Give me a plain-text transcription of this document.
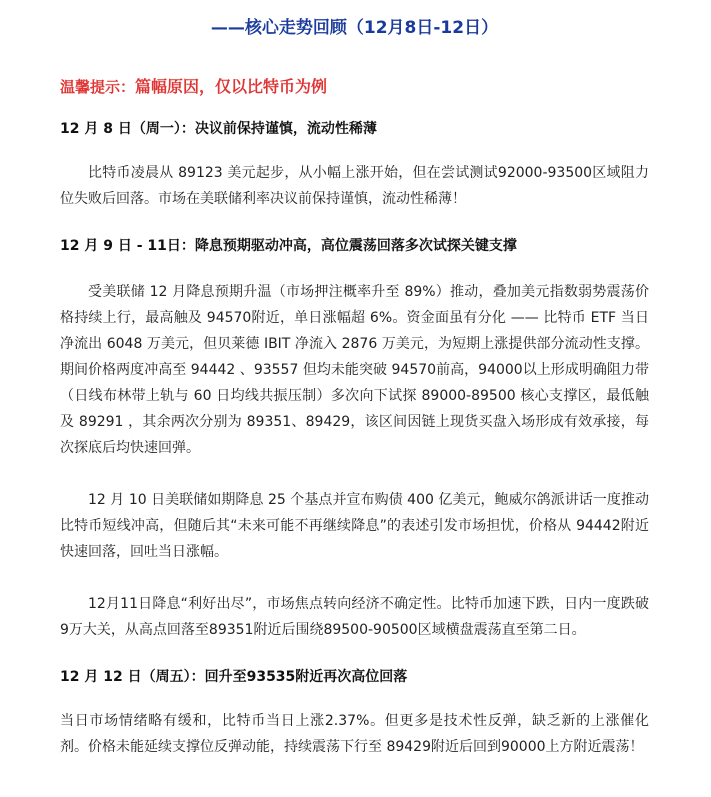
——核心走势回顾（12月8日-12日）
温馨提示：篇幅原因，仅以比特币为例
12 月 8 日（周一）：决议前保持谨慎，流动性稀薄

比特币凌晨从 89123 美元起步，从小幅上涨开始，但在尝试测试92000-93500区域阻力位失败后回落。市场在美联储利率决议前保持谨慎，流动性稀薄！

12 月 9 日 - 11日：降息预期驱动冲高，高位震荡回落多次试探关键支撑

受美联储 12 月降息预期升温（市场押注概率升至 89%）推动，叠加美元指数弱势震荡价格持续上行，最高触及 94570附近，单日涨幅超 6%。资金面虽有分化 —— 比特币 ETF 当日净流出 6048 万美元，但贝莱德 IBIT 净流入 2876 万美元，为短期上涨提供部分流动性支撑。期间价格两度冲高至 94442 、93557 但均未能突破 94570前高，94000以上形成明确阻力带（日线布林带上轨与 60 日均线共振压制）多次向下试探 89000-89500 核心支撑区，最低触及 89291 ，其余两次分别为 89351、89429，该区间因链上现货买盘入场形成有效承接，每次探底后均快速回弹。

12 月 10 日美联储如期降息 25 个基点并宣布购债 400 亿美元，鲍威尔鸽派讲话一度推动比特币短线冲高，但随后其“未来可能不再继续降息”的表述引发市场担忧，价格从 94442附近快速回落，回吐当日涨幅。

12月11日降息“利好出尽”，市场焦点转向经济不确定性。比特币加速下跌，日内一度跌破9万大关，从高点回落至89351附近后围绕89500-90500区域横盘震荡直至第二日。

12 月 12 日（周五）：回升至93535附近再次高位回落

当日市场情绪略有缓和，比特币当日上涨2.37%。但更多是技术性反弹，缺乏新的上涨催化剂。价格未能延续支撑位反弹动能，持续震荡下行至 89429附近后回到90000上方附近震荡！
